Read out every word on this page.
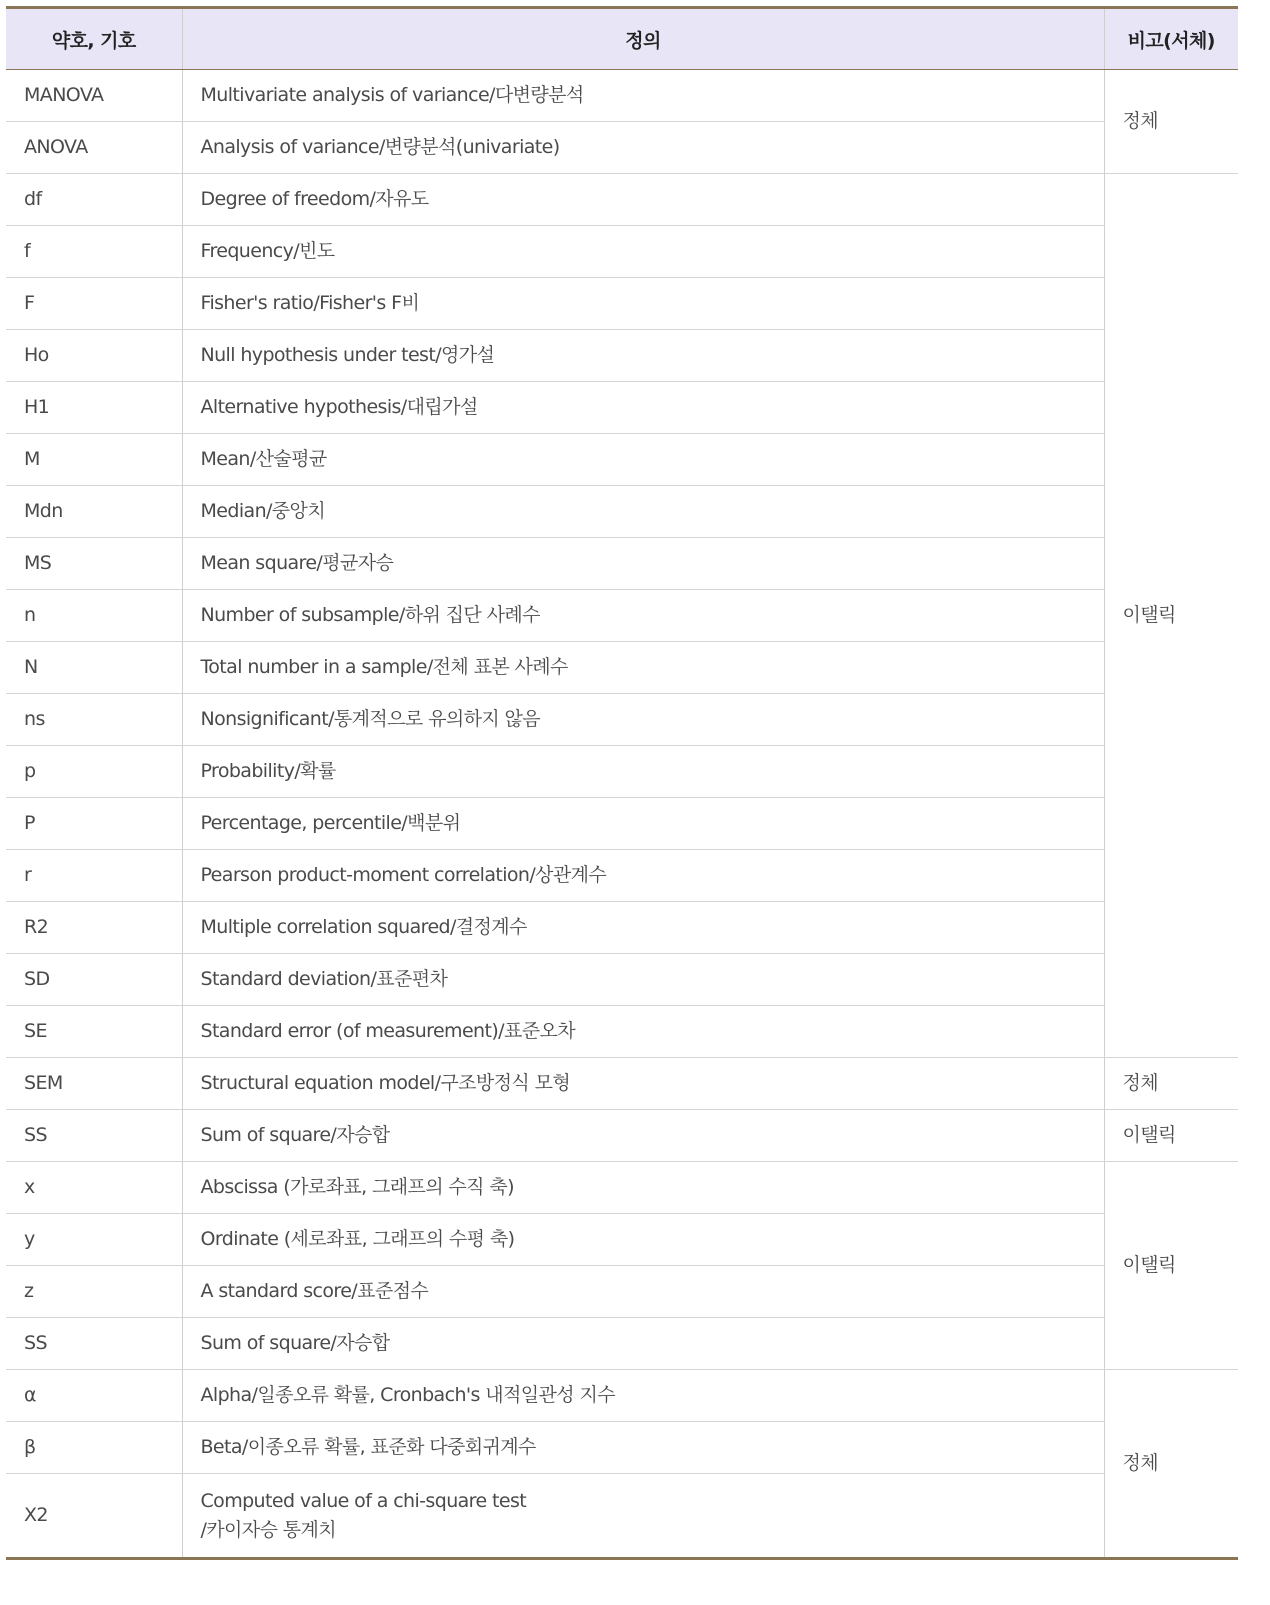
약호, 기호	정의	비고(서체)
MANOVA	Multivariate analysis of variance/다변량분석	정체
ANOVA	Analysis of variance/변량분석(univariate)	
df	Degree of freedom/자유도	이탤릭
f	Frequency/빈도	
F	Fisher's ratio/Fisher's F비	
Ho	Null hypothesis under test/영가설	
H1	Alternative hypothesis/대립가설	
M	Mean/산술평균	
Mdn	Median/중앙치	
MS	Mean square/평균자승	
n	Number of subsample/하위 집단 사례수	
N	Total number in a sample/전체 표본 사례수	
ns	Nonsignificant/통계적으로 유의하지 않음	
p	Probability/확률	
P	Percentage, percentile/백분위	
r	Pearson product-moment correlation/상관계수	
R2	Multiple correlation squared/결정계수	
SD	Standard deviation/표준편차	
SE	Standard error (of measurement)/표준오차	
SEM	Structural equation model/구조방정식 모형	정체
SS	Sum of square/자승합	이탤릭
x	Abscissa (가로좌표, 그래프의 수직 축)	이탤릭
y	Ordinate (세로좌표, 그래프의 수평 축)	
z	A standard score/표준점수	
SS	Sum of square/자승합	
α	Alpha/일종오류 확률, Cronbach's 내적일관성 지수	정체
β	Beta/이종오류 확률, 표준화 다중회귀계수	
X2	Computed value of a chi-square test
/카이자승 통계치	
